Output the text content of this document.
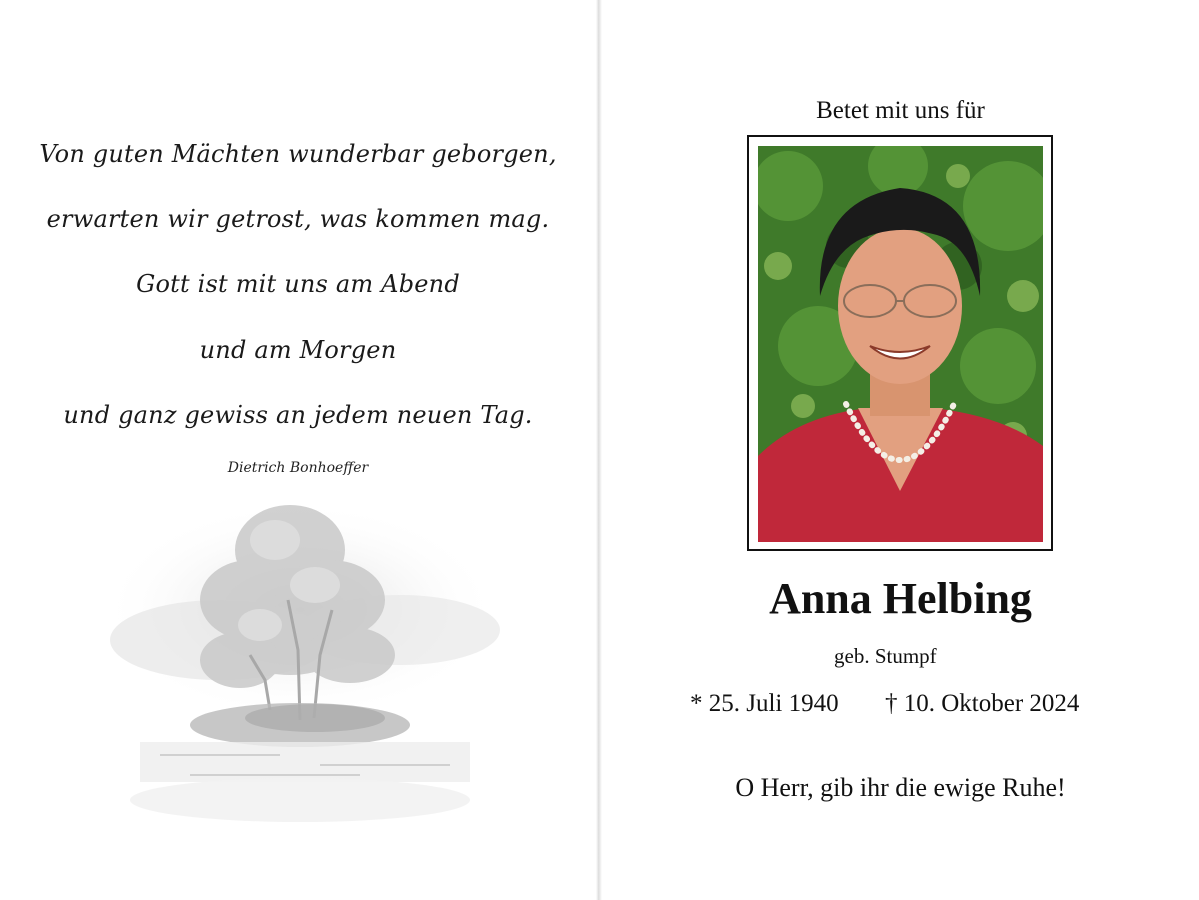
Von guten Mächten wunderbar geborgen,
erwarten wir getrost, was kommen mag.
Gott ist mit uns am Abend
und am Morgen
und ganz gewiss an jedem neuen Tag.
Dietrich Bonhoeffer
Betet mit uns für
Anna Helbing
geb. Stumpf
* 25. Juli 1940 † 10. Oktober 2024
O Herr, gib ihr die ewige Ruhe!
